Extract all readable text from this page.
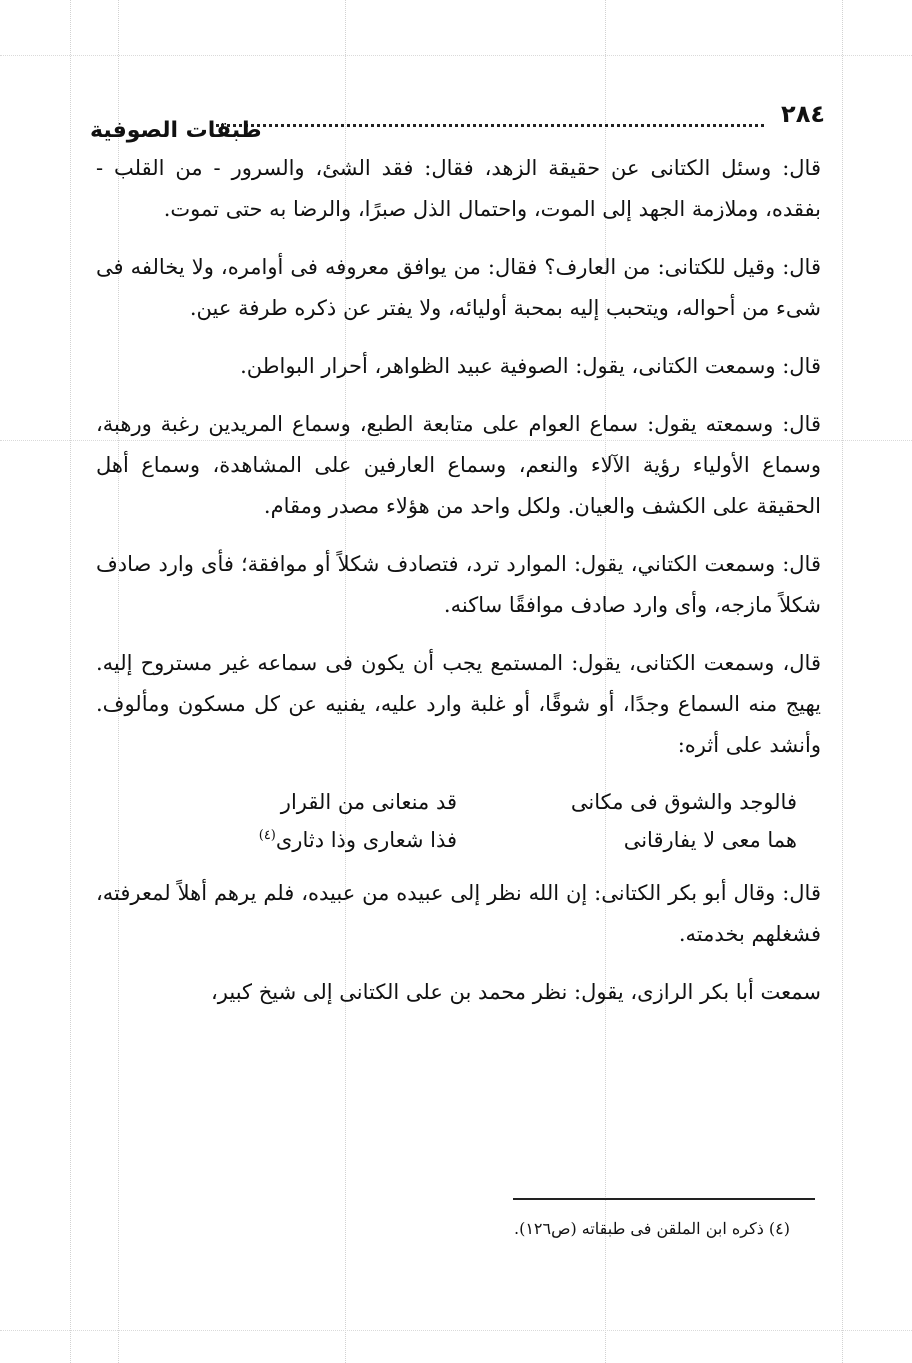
٢٨٤
طبقات الصوفية

قال: وسئل الكتانى عن حقيقة الزهد، فقال: فقد الشئ، والسرور - من القلب - بفقده، وملازمة الجهد إلى الموت، واحتمال الذل صبرًا، والرضا به حتى تموت.

قال: وقيل للكتانى: من العارف؟ فقال: من يوافق معروفه فى أوامره، ولا يخالفه فى شىء من أحواله، ويتحبب إليه بمحبة أوليائه، ولا يفتر عن ذكره طرفة عين.

قال: وسمعت الكتانى، يقول: الصوفية عبيد الظواهر، أحرار البواطن.

قال: وسمعته يقول: سماع العوام على متابعة الطبع، وسماع المريدين رغبة ورهبة، وسماع الأولياء رؤية الآلاء والنعم، وسماع العارفين على المشاهدة، وسماع أهل الحقيقة على الكشف والعيان. ولكل واحد من هؤلاء مصدر ومقام.

قال: وسمعت الكتاني، يقول: الموارد ترد، فتصادف شكلاً أو موافقة؛ فأى وارد صادف شكلاً مازجه، وأى وارد صادف موافقًا ساكنه.

قال، وسمعت الكتانى، يقول: المستمع يجب أن يكون فى سماعه غير مستروح إليه. يهيج منه السماع وجدًا، أو شوقًا، أو غلبة وارد عليه، يفنيه عن كل مسكون ومألوف. وأنشد على أثره:

فالوجد والشوق فى مكانى
قد منعانى من القرار
هما معى لا يفارقانى
فذا شعارى وذا دثارى$^{(٤)}$

قال: وقال أبو بكر الكتانى: إن الله نظر إلى عبيده من عبيده، فلم يرهم أهلاً لمعرفته، فشغلهم بخدمته.

سمعت أبا بكر الرازى، يقول: نظر محمد بن على الكتانى إلى شيخ كبير،

(٤) ذكره ابن الملقن فى طبقاته (ص١٢٦).
